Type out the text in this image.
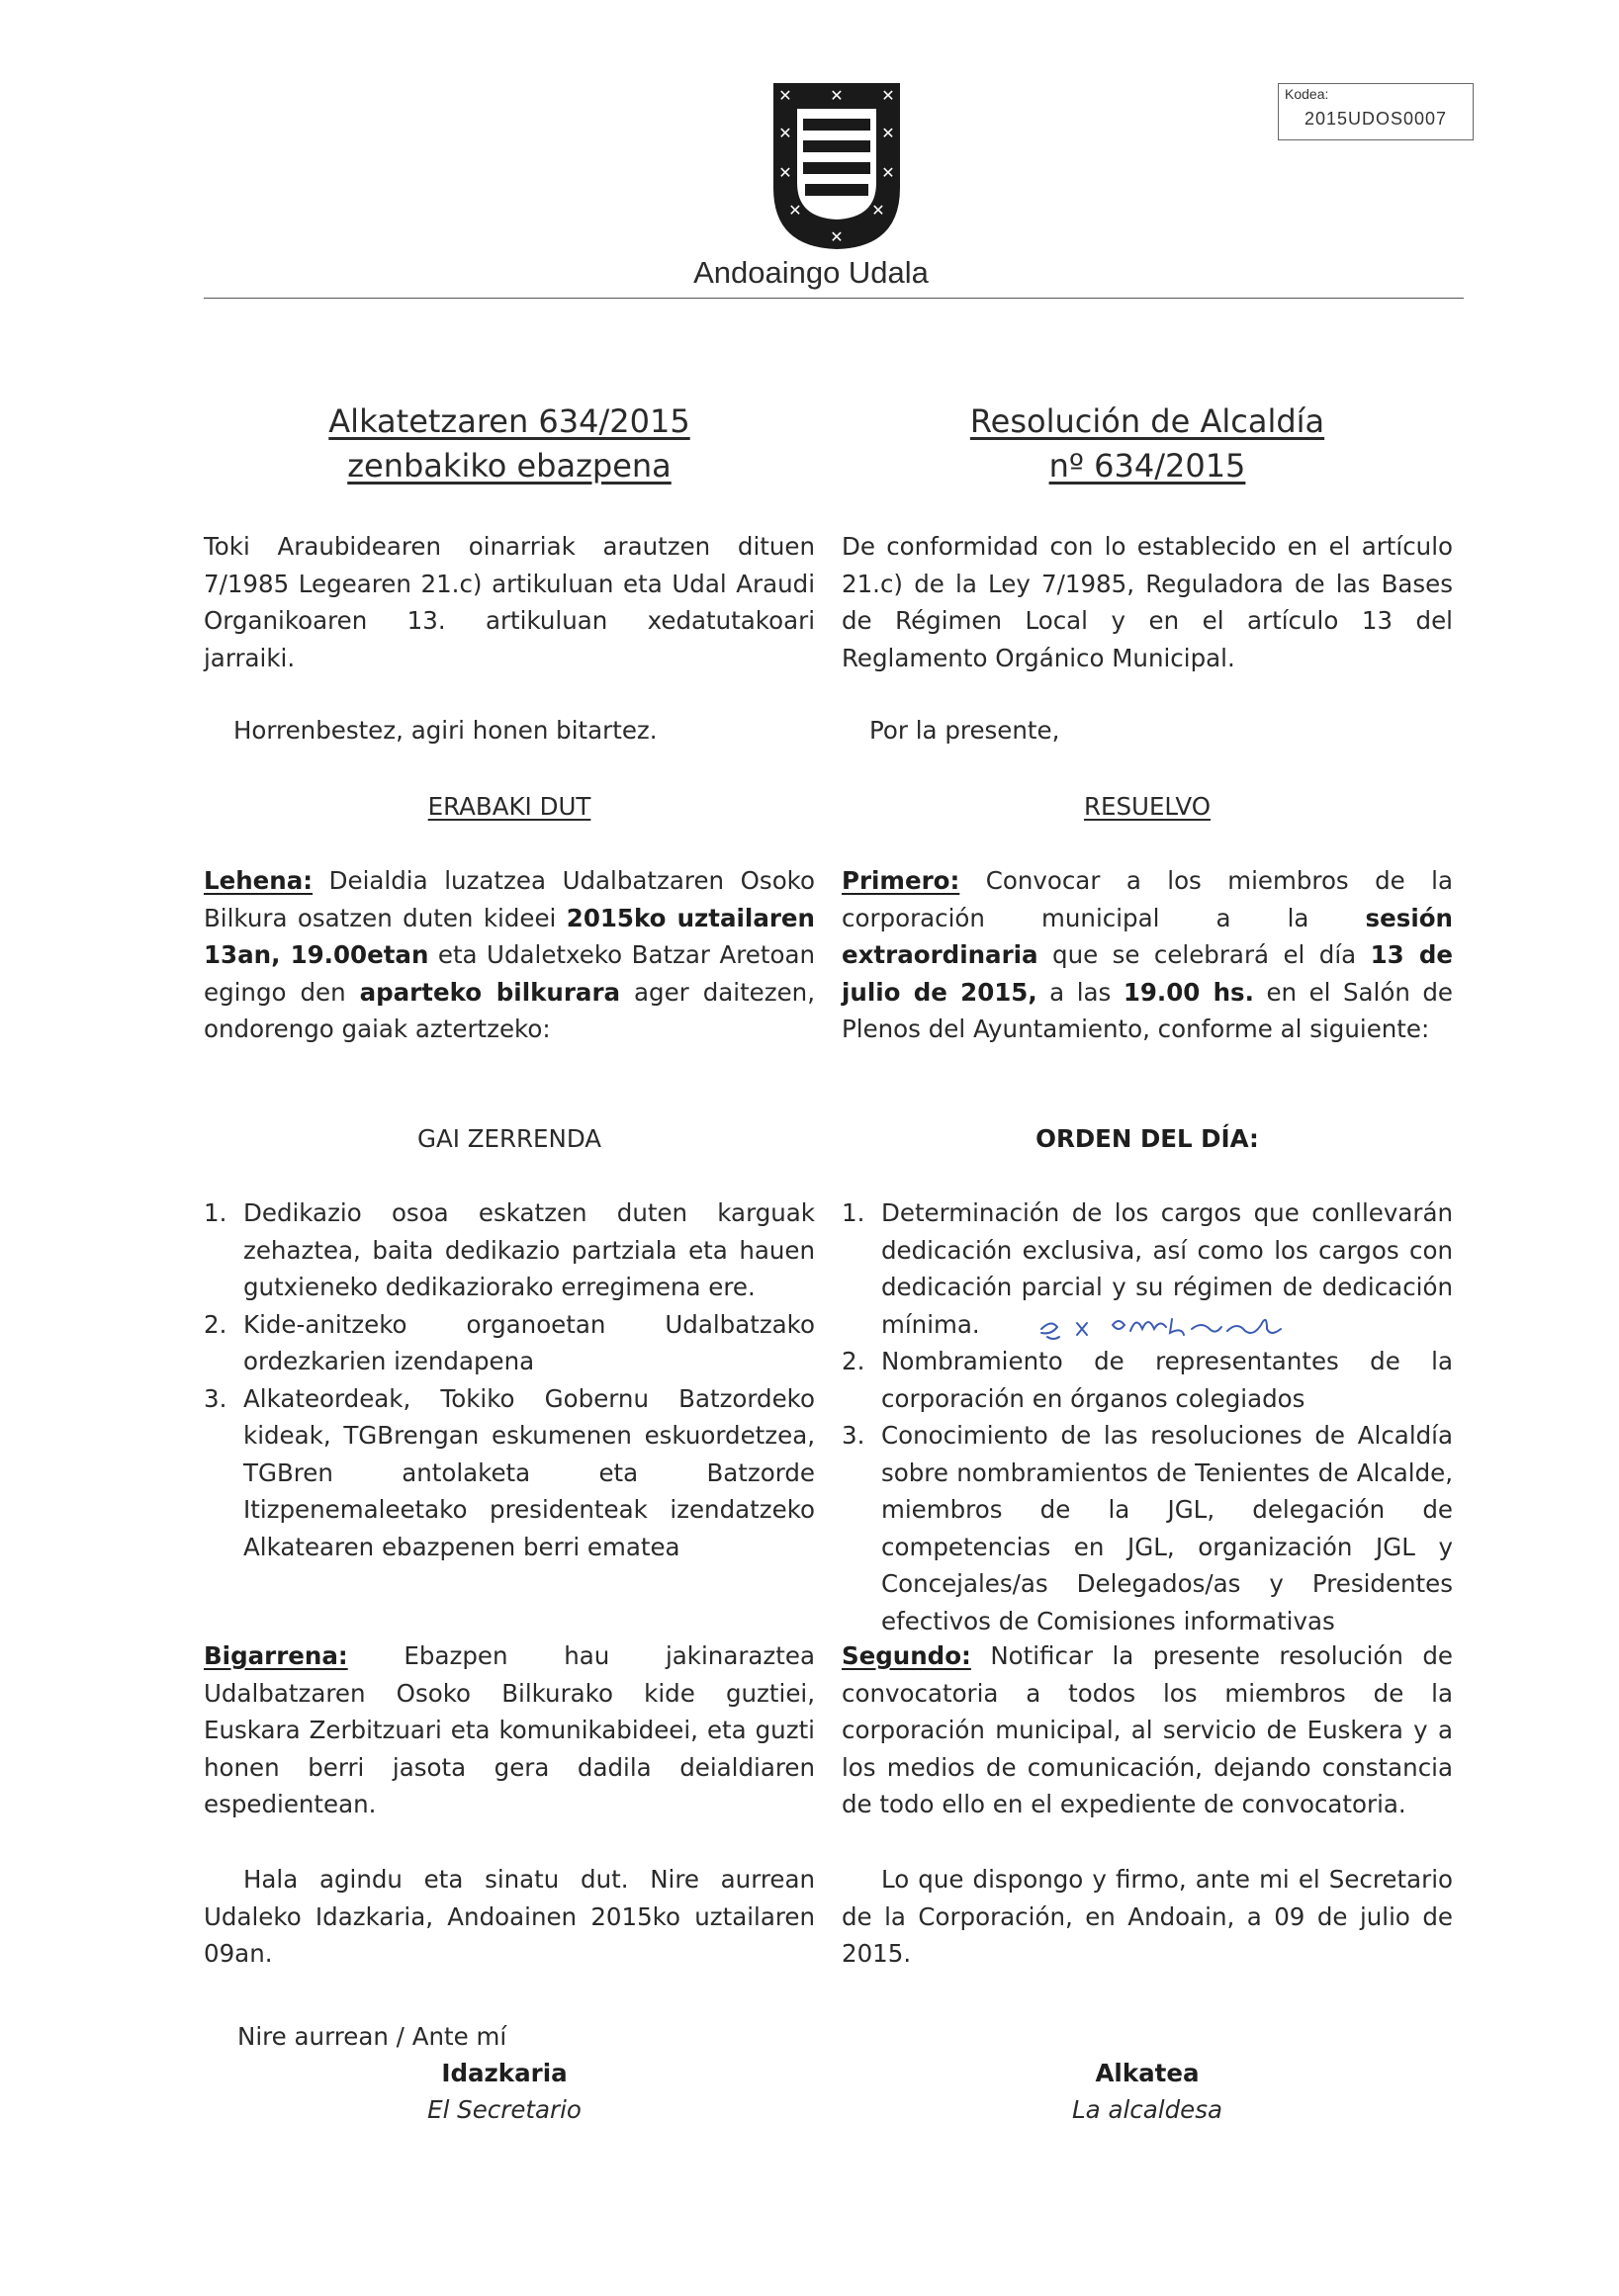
✕ ✕ ✕
✕	✕
✕	✕
✕	✕
✕
Andoaingo Udala
Kodea:
2015UDOS0007
Alkatetzaren 634/2015
zenbakiko ebazpena
Toki Araubidearen oinarriak arautzen dituen 7/1985 Legearen 21.c) artikuluan eta Udal Araudi Organikoaren 13. artikuluan xedatutakoari jarraiki.
Horrenbestez, agiri honen bitartez.
ERABAKI DUT
Lehena: Deialdia luzatzea Udalbatzaren Osoko Bilkura osatzen duten kideei 2015ko uztailaren 13an, 19.00etan eta Udaletxeko Batzar Aretoan egingo den aparteko bilkurara ager daitezen, ondorengo gaiak aztertzeko:
GAI ZERRENDA
1. Dedikazio osoa eskatzen duten karguak zehaztea, baita dedikazio partziala eta hauen gutxieneko dedikaziorako erregimena ere.
2. Kide-anitzeko organoetan Udalbatzako ordezkarien izendapena
3. Alkateordeak, Tokiko Gobernu Batzordeko kideak, TGBrengan eskumenen eskuordetzea, TGBren antolaketa eta Batzorde Itizpenemaleetako presidenteak izendatzeko Alkatearen ebazpenen berri ematea
Bigarrena: Ebazpen hau jakinaraztea Udalbatzaren Osoko Bilkurako kide guztiei, Euskara Zerbitzuari eta komunikabideei, eta guzti honen berri jasota gera dadila deialdiaren espedientean.
Hala agindu eta sinatu dut. Nire aurrean Udaleko Idazkaria, Andoainen 2015ko uztailaren 09an.
Resolución de Alcaldía
nº 634/2015
De conformidad con lo establecido en el artículo 21.c) de la Ley 7/1985, Reguladora de las Bases de Régimen Local y en el artículo 13 del Reglamento Orgánico Municipal.
Por la presente,
RESUELVO
Primero: Convocar a los miembros de la corporación municipal a la sesión extraordinaria que se celebrará el día 13 de julio de 2015, a las 19.00 hs. en el Salón de Plenos del Ayuntamiento, conforme al siguiente:
ORDEN DEL DÍA:
1. Determinación de los cargos que conllevarán dedicación exclusiva, así como los cargos con dedicación parcial y su régimen de dedicación mínima.
2. Nombramiento de representantes de la corporación en órganos colegiados
3. Conocimiento de las resoluciones de Alcaldía sobre nombramientos de Tenientes de Alcalde, miembros de la JGL, delegación de competencias en JGL, organización JGL y Concejales/as Delegados/as y Presidentes efectivos de Comisiones informativas
Segundo: Notificar la presente resolución de convocatoria a todos los miembros de la corporación municipal, al servicio de Euskera y a los medios de comunicación, dejando constancia de todo ello en el expediente de convocatoria.
Lo que dispongo y firmo, ante mi el Secretario de la Corporación, en Andoain, a 09 de julio de 2015.
Nire aurrean / Ante mí
Idazkaria
El Secretario
Alkatea
La alcaldesa
